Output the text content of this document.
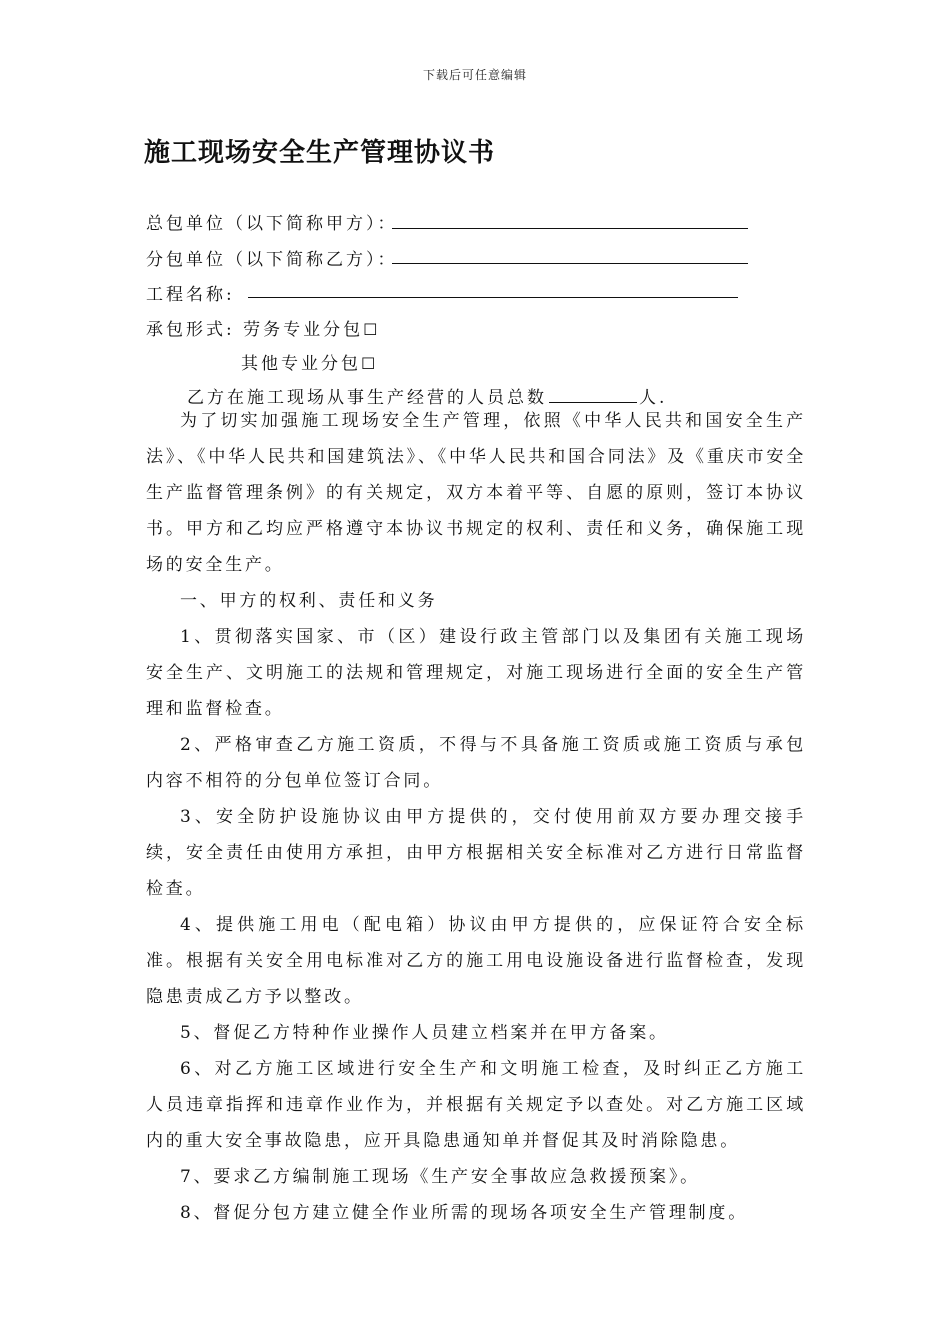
下载后可任意编辑
施工现场安全生产管理协议书
总包单位（以下简称甲方）：
分包单位（以下简称乙方）：
工程名称:
承包形式: 劳务专业分包☐
其他专业分包☐
乙方在施工现场从事生产经营的人员总数	人.

为了切实加强施工现场安全生产管理，依照《中华人民共和国安全生产法》、《中华人民共和国建筑法》、《中华人民共和国合同法》及《重庆市安全生产监督管理条例》的有关规定，双方本着平等、自愿的原则，签订本协议书。甲方和乙均应严格遵守本协议书规定的权利、责任和义务，确保施工现场的安全生产。

一、甲方的权利、责任和义务

1、贯彻落实国家、市（区）建设行政主管部门以及集团有关施工现场安全生产、文明施工的法规和管理规定，对施工现场进行全面的安全生产管理和监督检查。

2、严格审查乙方施工资质，不得与不具备施工资质或施工资质与承包内容不相符的分包单位签订合同。

3、安全防护设施协议由甲方提供的，交付使用前双方要办理交接手续，安全责任由使用方承担，由甲方根据相关安全标准对乙方进行日常监督检查。

4、提供施工用电（配电箱）协议由甲方提供的，应保证符合安全标准。根据有关安全用电标准对乙方的施工用电设施设备进行监督检查，发现隐患责成乙方予以整改。

5、督促乙方特种作业操作人员建立档案并在甲方备案。

6、对乙方施工区域进行安全生产和文明施工检查，及时纠正乙方施工人员违章指挥和违章作业作为，并根据有关规定予以查处。对乙方施工区域内的重大安全事故隐患，应开具隐患通知单并督促其及时消除隐患。

7、要求乙方编制施工现场《生产安全事故应急救援预案》。

8、督促分包方建立健全作业所需的现场各项安全生产管理制度。
